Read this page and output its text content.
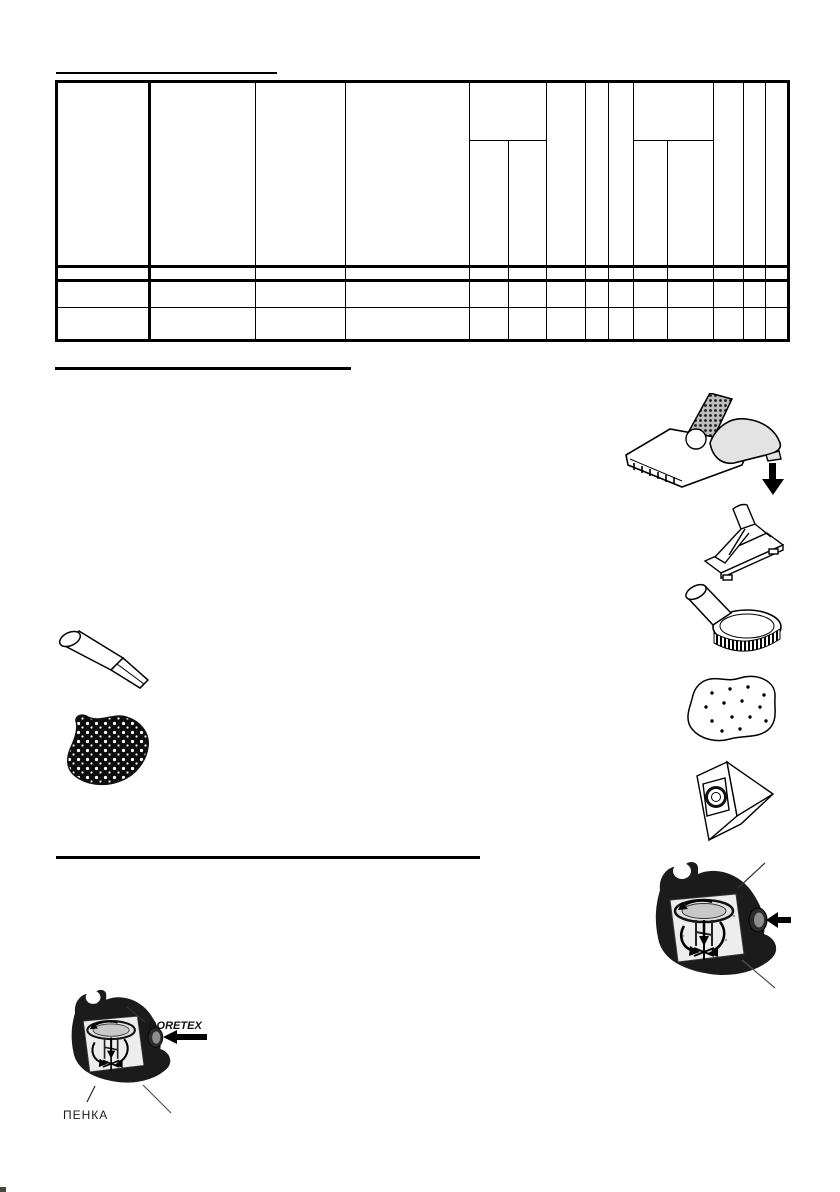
GORETEX
ПЕНКА
